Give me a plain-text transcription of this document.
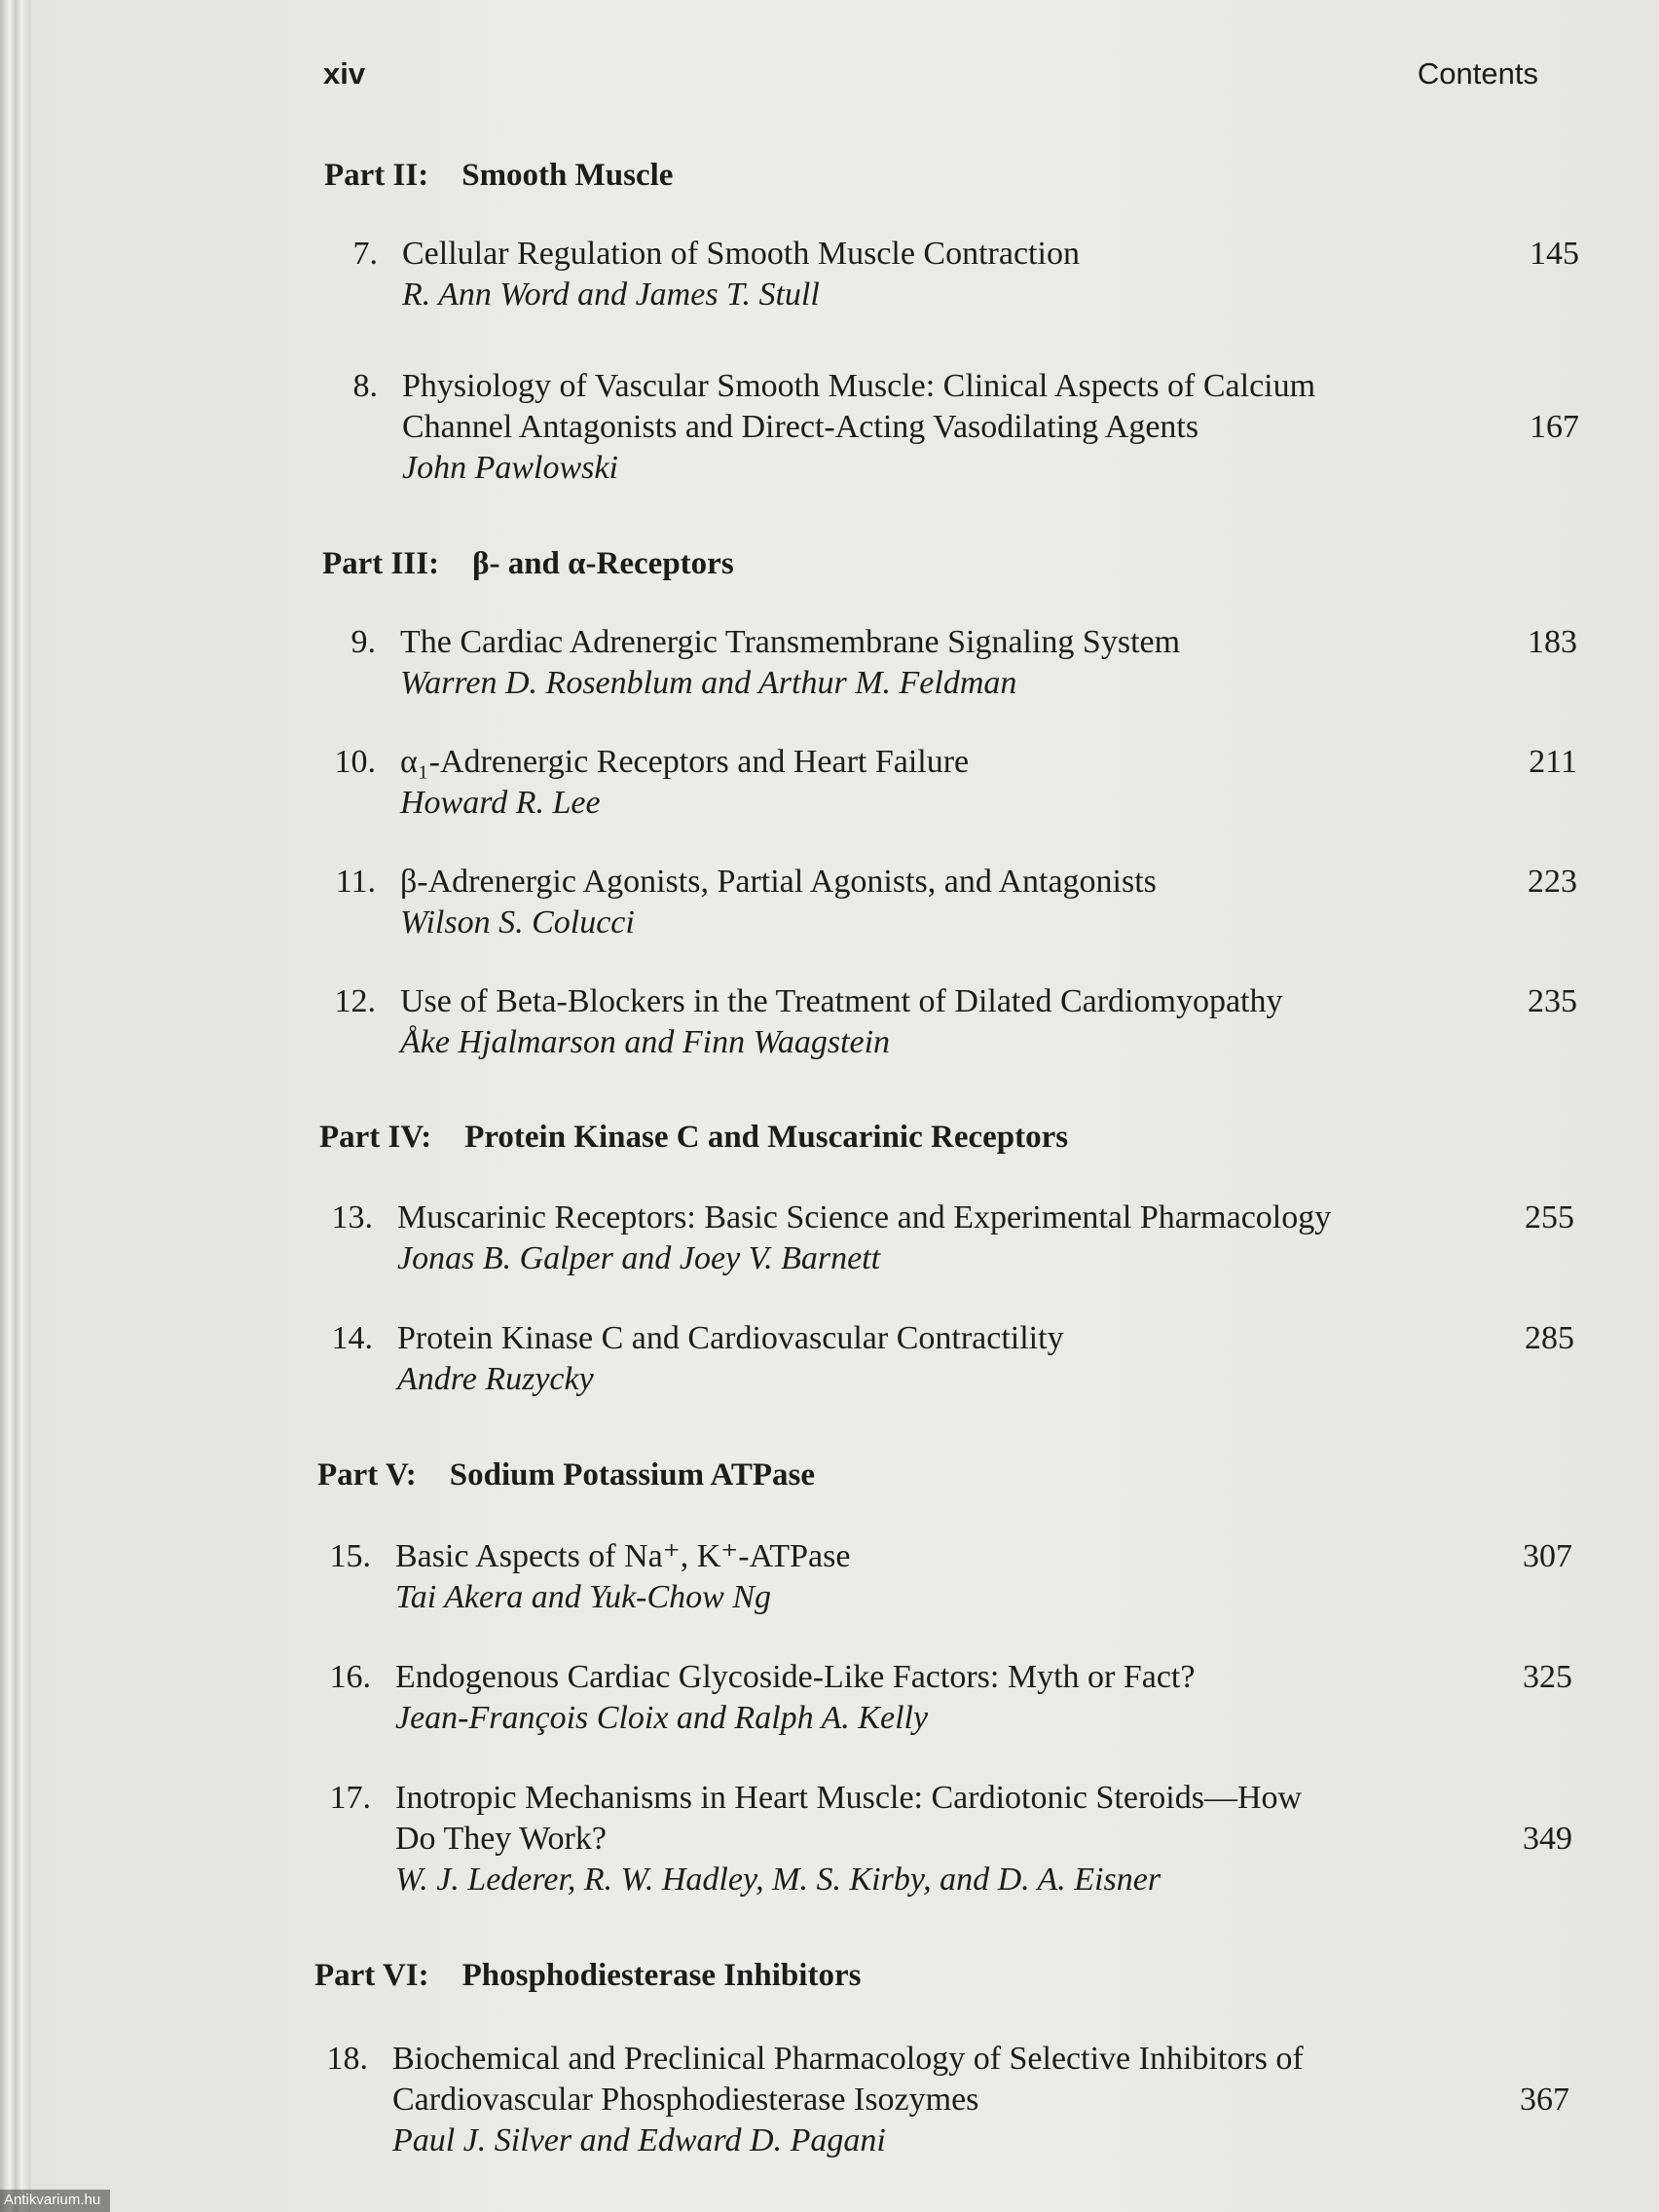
xiv	Contents
Part II: Smooth Muscle
7. Cellular Regulation of Smooth Muscle Contraction
R. Ann Word and James T. Stull
145
8. Physiology of Vascular Smooth Muscle: Clinical Aspects of Calcium
Channel Antagonists and Direct-Acting Vasodilating Agents
John Pawlowski
167
Part III: β- and α-Receptors
9. The Cardiac Adrenergic Transmembrane Signaling System
Warren D. Rosenblum and Arthur M. Feldman
183
10. α₁-Adrenergic Receptors and Heart Failure
Howard R. Lee
211
11. β-Adrenergic Agonists, Partial Agonists, and Antagonists
Wilson S. Colucci
223
12. Use of Beta-Blockers in the Treatment of Dilated Cardiomyopathy
Åke Hjalmarson and Finn Waagstein
235
Part IV: Protein Kinase C and Muscarinic Receptors
13. Muscarinic Receptors: Basic Science and Experimental Pharmacology
Jonas B. Galper and Joey V. Barnett
255
14. Protein Kinase C and Cardiovascular Contractility
Andre Ruzycky
285
Part V: Sodium Potassium ATPase
15. Basic Aspects of Na⁺, K⁺-ATPase
Tai Akera and Yuk-Chow Ng
307
16. Endogenous Cardiac Glycoside-Like Factors: Myth or Fact?
Jean-François Cloix and Ralph A. Kelly
325
17. Inotropic Mechanisms in Heart Muscle: Cardiotonic Steroids—How
Do They Work?
W. J. Lederer, R. W. Hadley, M. S. Kirby, and D. A. Eisner
349
Part VI: Phosphodiesterase Inhibitors
18. Biochemical and Preclinical Pharmacology of Selective Inhibitors of
Cardiovascular Phosphodiesterase Isozymes
Paul J. Silver and Edward D. Pagani
367
Antikvarium.hu
